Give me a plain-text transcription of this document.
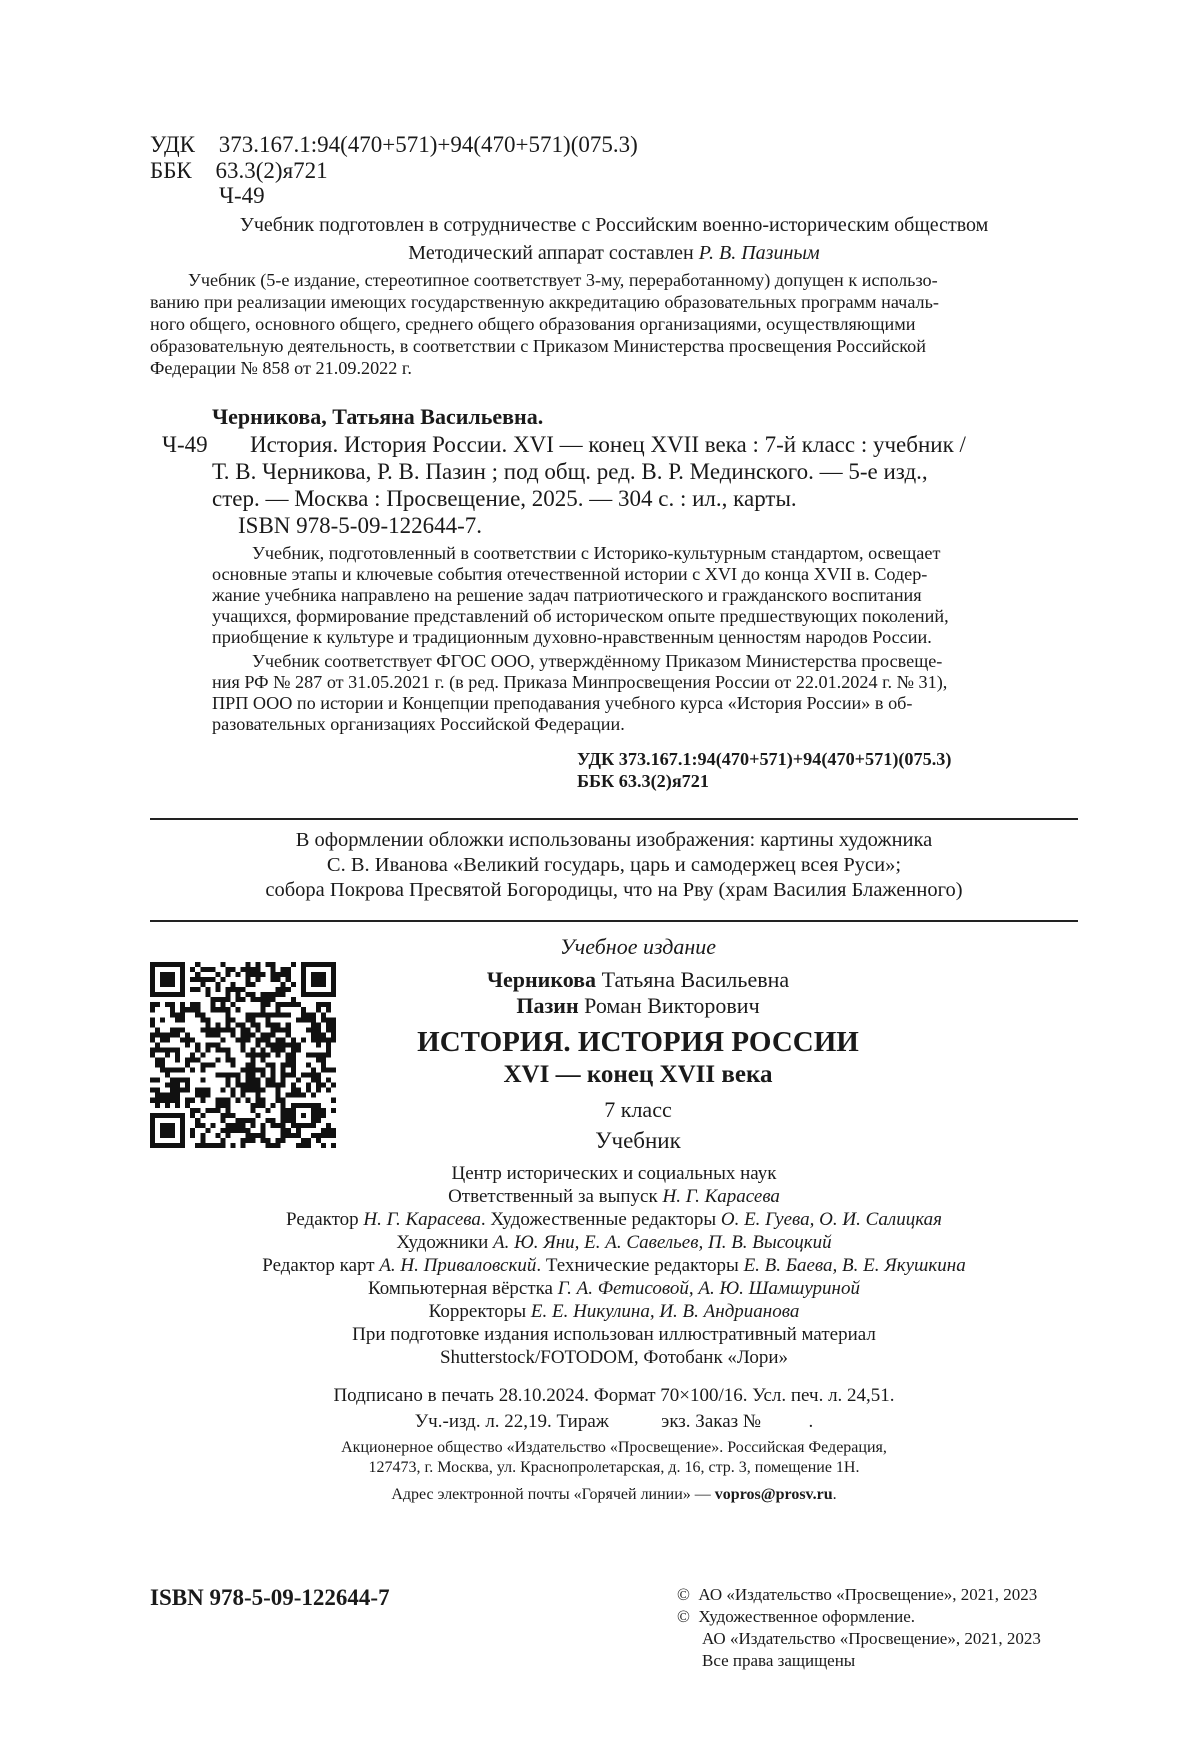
УДК 373.167.1:94(470+571)+94(470+571)(075.3)
ББК 63.3(2)я721
Ч-49
Учебник подготовлен в сотрудничестве с Российским военно-историческим обществом
Методический аппарат составлен Р. В. Пазиным
Учебник (5-е издание, стереотипное соответствует 3-му, переработанному) допущен к использо-
ванию при реализации имеющих государственную аккредитацию образовательных программ началь-
ного общего, основного общего, среднего общего образования организациями, осуществляющими
образовательную деятельность, в соответствии с Приказом Министерства просвещения Российской
Федерации № 858 от 21.09.2022 г.
Черникова, Татьяна Васильевна.
Ч-49 История. История России. XVI — конец XVII века : 7-й класс : учебник /
Т. В. Черникова, Р. В. Пазин ; под общ. ред. В. Р. Мединского. — 5-е изд.,
стер. — Москва : Просвещение, 2025. — 304 с. : ил., карты.
ISBN 978-5-09-122644-7.
Учебник, подготовленный в соответствии с Историко-культурным стандартом, освещает
основные этапы и ключевые события отечественной истории с XVI до конца XVII в. Содер-
жание учебника направлено на решение задач патриотического и гражданского воспитания
учащихся, формирование представлений об историческом опыте предшествующих поколений,
приобщение к культуре и традиционным духовно-нравственным ценностям народов России.
Учебник соответствует ФГОС ООО, утверждённому Приказом Министерства просвеще-
ния РФ № 287 от 31.05.2021 г. (в ред. Приказа Минпросвещения России от 22.01.2024 г. № 31),
ПРП ООО по истории и Концепции преподавания учебного курса «История России» в об-
разовательных организациях Российской Федерации.
УДК 373.167.1:94(470+571)+94(470+571)(075.3)
ББК 63.3(2)я721
В оформлении обложки использованы изображения: картины художника
С. В. Иванова «Великий государь, царь и самодержец всея Руси»;
собора Покрова Пресвятой Богородицы, что на Рву (храм Василия Блаженного)
Учебное издание
Черникова Татьяна Васильевна
Пазин Роман Викторович
ИСТОРИЯ. ИСТОРИЯ РОССИИ
XVI — конец XVII века
7 класс
Учебник
Центр исторических и социальных наук
Ответственный за выпуск Н. Г. Карасева
Редактор Н. Г. Карасева. Художественные редакторы О. Е. Гуева, О. И. Салицкая
Художники А. Ю. Яни, Е. А. Савельев, П. В. Высоцкий
Редактор карт А. Н. Приваловский. Технические редакторы Е. В. Баева, В. Е. Якушкина
Компьютерная вёрстка Г. А. Фетисовой, А. Ю. Шамшуриной
Корректоры Е. Е. Никулина, И. В. Андрианова
При подготовке издания использован иллюстративный материал
Shutterstock/FOTODOM, Фотобанк «Лори»
Подписано в печать 28.10.2024. Формат 70×100/16. Усл. печ. л. 24,51.
Уч.-изд. л. 22,19. Тираж           экз. Заказ №          .
Акционерное общество «Издательство «Просвещение». Российская Федерация,
127473, г. Москва, ул. Краснопролетарская, д. 16, стр. 3, помещение 1Н.
Адрес электронной почты «Горячей линии» — vopros@prosv.ru.
ISBN 978-5-09-122644-7	©  АО «Издательство «Просвещение», 2021, 2023
©  Художественное оформление.
АО «Издательство «Просвещение», 2021, 2023
Все права защищены
